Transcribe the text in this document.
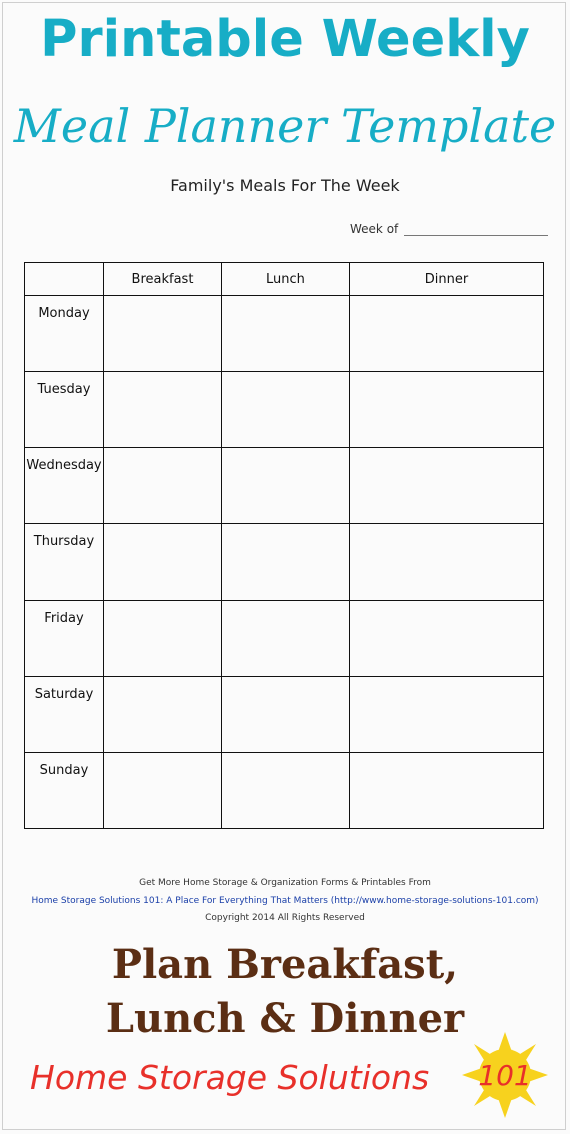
Printable Weekly
Meal Planner Template
Family's Meals For The Week
Week of
	Breakfast	Lunch	Dinner
Monday			
Tuesday			
Wednesday			
Thursday			
Friday			
Saturday			
Sunday			
Get More Home Storage & Organization Forms & Printables From
Home Storage Solutions 101: A Place For Everything That Matters (http://www.home-storage-solutions-101.com)
Copyright 2014 All Rights Reserved
Plan Breakfast,
Lunch & Dinner
Home Storage Solutions 101
